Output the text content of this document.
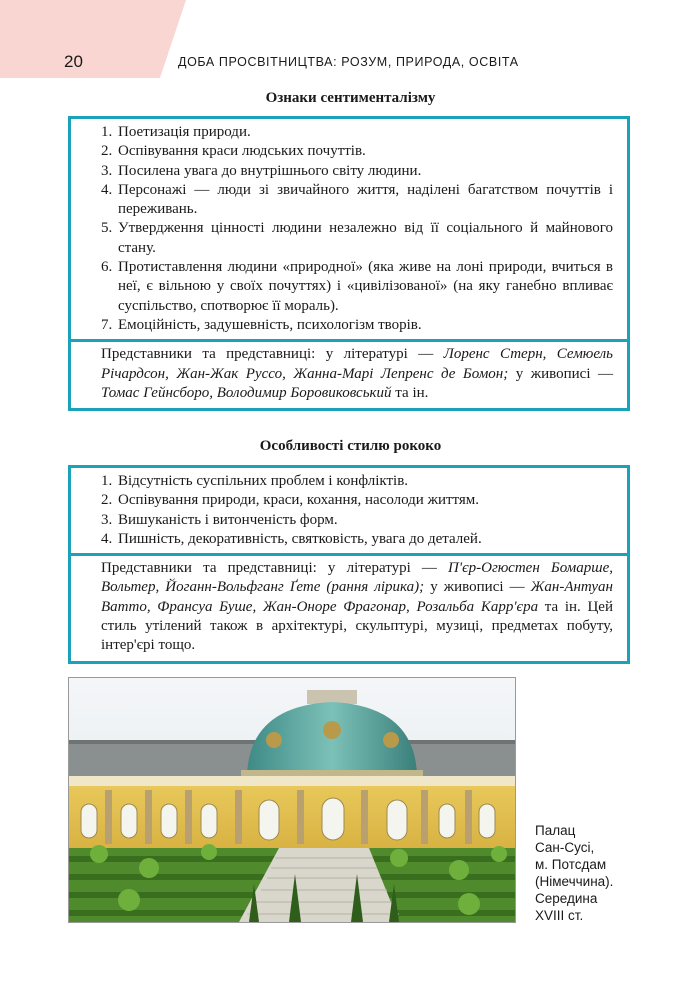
20	ДОБА ПРОСВІТНИЦТВА: РОЗУМ, ПРИРОДА, ОСВІТА
Ознаки сентименталізму
1. Поетизація природи.
2. Оспівування краси людських почуттів.
3. Посилена увага до внутрішнього світу людини.
4. Персонажі — люди зі звичайного життя, наділені багатством почуттів і переживань.
5. Утвердження цінності людини незалежно від її соціального й майнового стану.
6. Протиставлення людини «природної» (яка живе на лоні природи, вчиться в неї, є вільною у своїх почуттях) і «цивілізованої» (на яку ганебно впливає суспільство, спотворює її мораль).
7. Емоційність, задушевність, психологізм творів.
Представники та представниці: у літературі — Лоренс Стерн, Семюель Річардсон, Жан-Жак Руссо, Жанна-Марі Лепренс де Бомон; у живописі — Томас Гейнсборо, Володимир Боровиковський та ін.
Особливості стилю рококо
1. Відсутність суспільних проблем і конфліктів.
2. Оспівування природи, краси, кохання, насолоди життям.
3. Вишуканість і витонченість форм.
4. Пишність, декоративність, святковість, увага до деталей.
Представники та представниці: у літературі — П'єр-Огюстен Бомарше, Вольтер, Йоганн-Вольфганг Ґете (рання лірика); у живописі — Жан-Антуан Ватто, Франсуа Буше, Жан-Оноре Фрагонар, Розальба Карр'єра та ін. Цей стиль утілений також в архітектурі, скульптурі, музиці, предметах побуту, інтер'єрі тощо.
Палац
Сан-Сусі,
м. Потсдам
(Німеччина).
Середина
XVIII ст.
